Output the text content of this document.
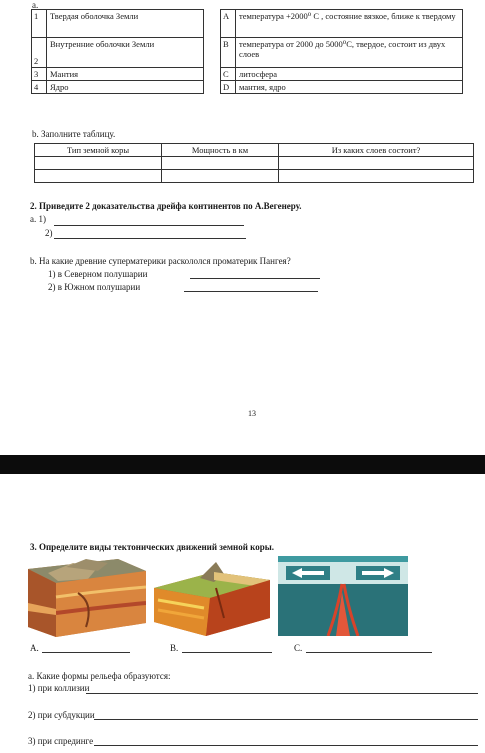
a.
1	Твердая оболочка Земли		A	температура +2000⁰ С , состояние вязкое, ближе к твердому
2	Внутренние оболочки Земли		B	температура от 2000 до 5000⁰С, твердое, состоит из двух слоев
3	Мантия		C	литосфера
4	Ядро		D	мантия, ядро
b. Заполните таблицу.
Тип земной коры	Мощность в км	Из каких слоев состоит?

2. Приведите 2 доказательства дрейфа континентов по А.Вегенеру.
a. 1)
2)
b. На какие древние суперматерики раскололся проматерик Пангея?
1) в Северном полушарии
2) в Южном полушарии
13
3. Определите виды тектонических движений земной коры.
A.	B.	C.
a. Какие формы рельефа образуются:
1) при коллизии
2) при субдукции
3) при спрединге
